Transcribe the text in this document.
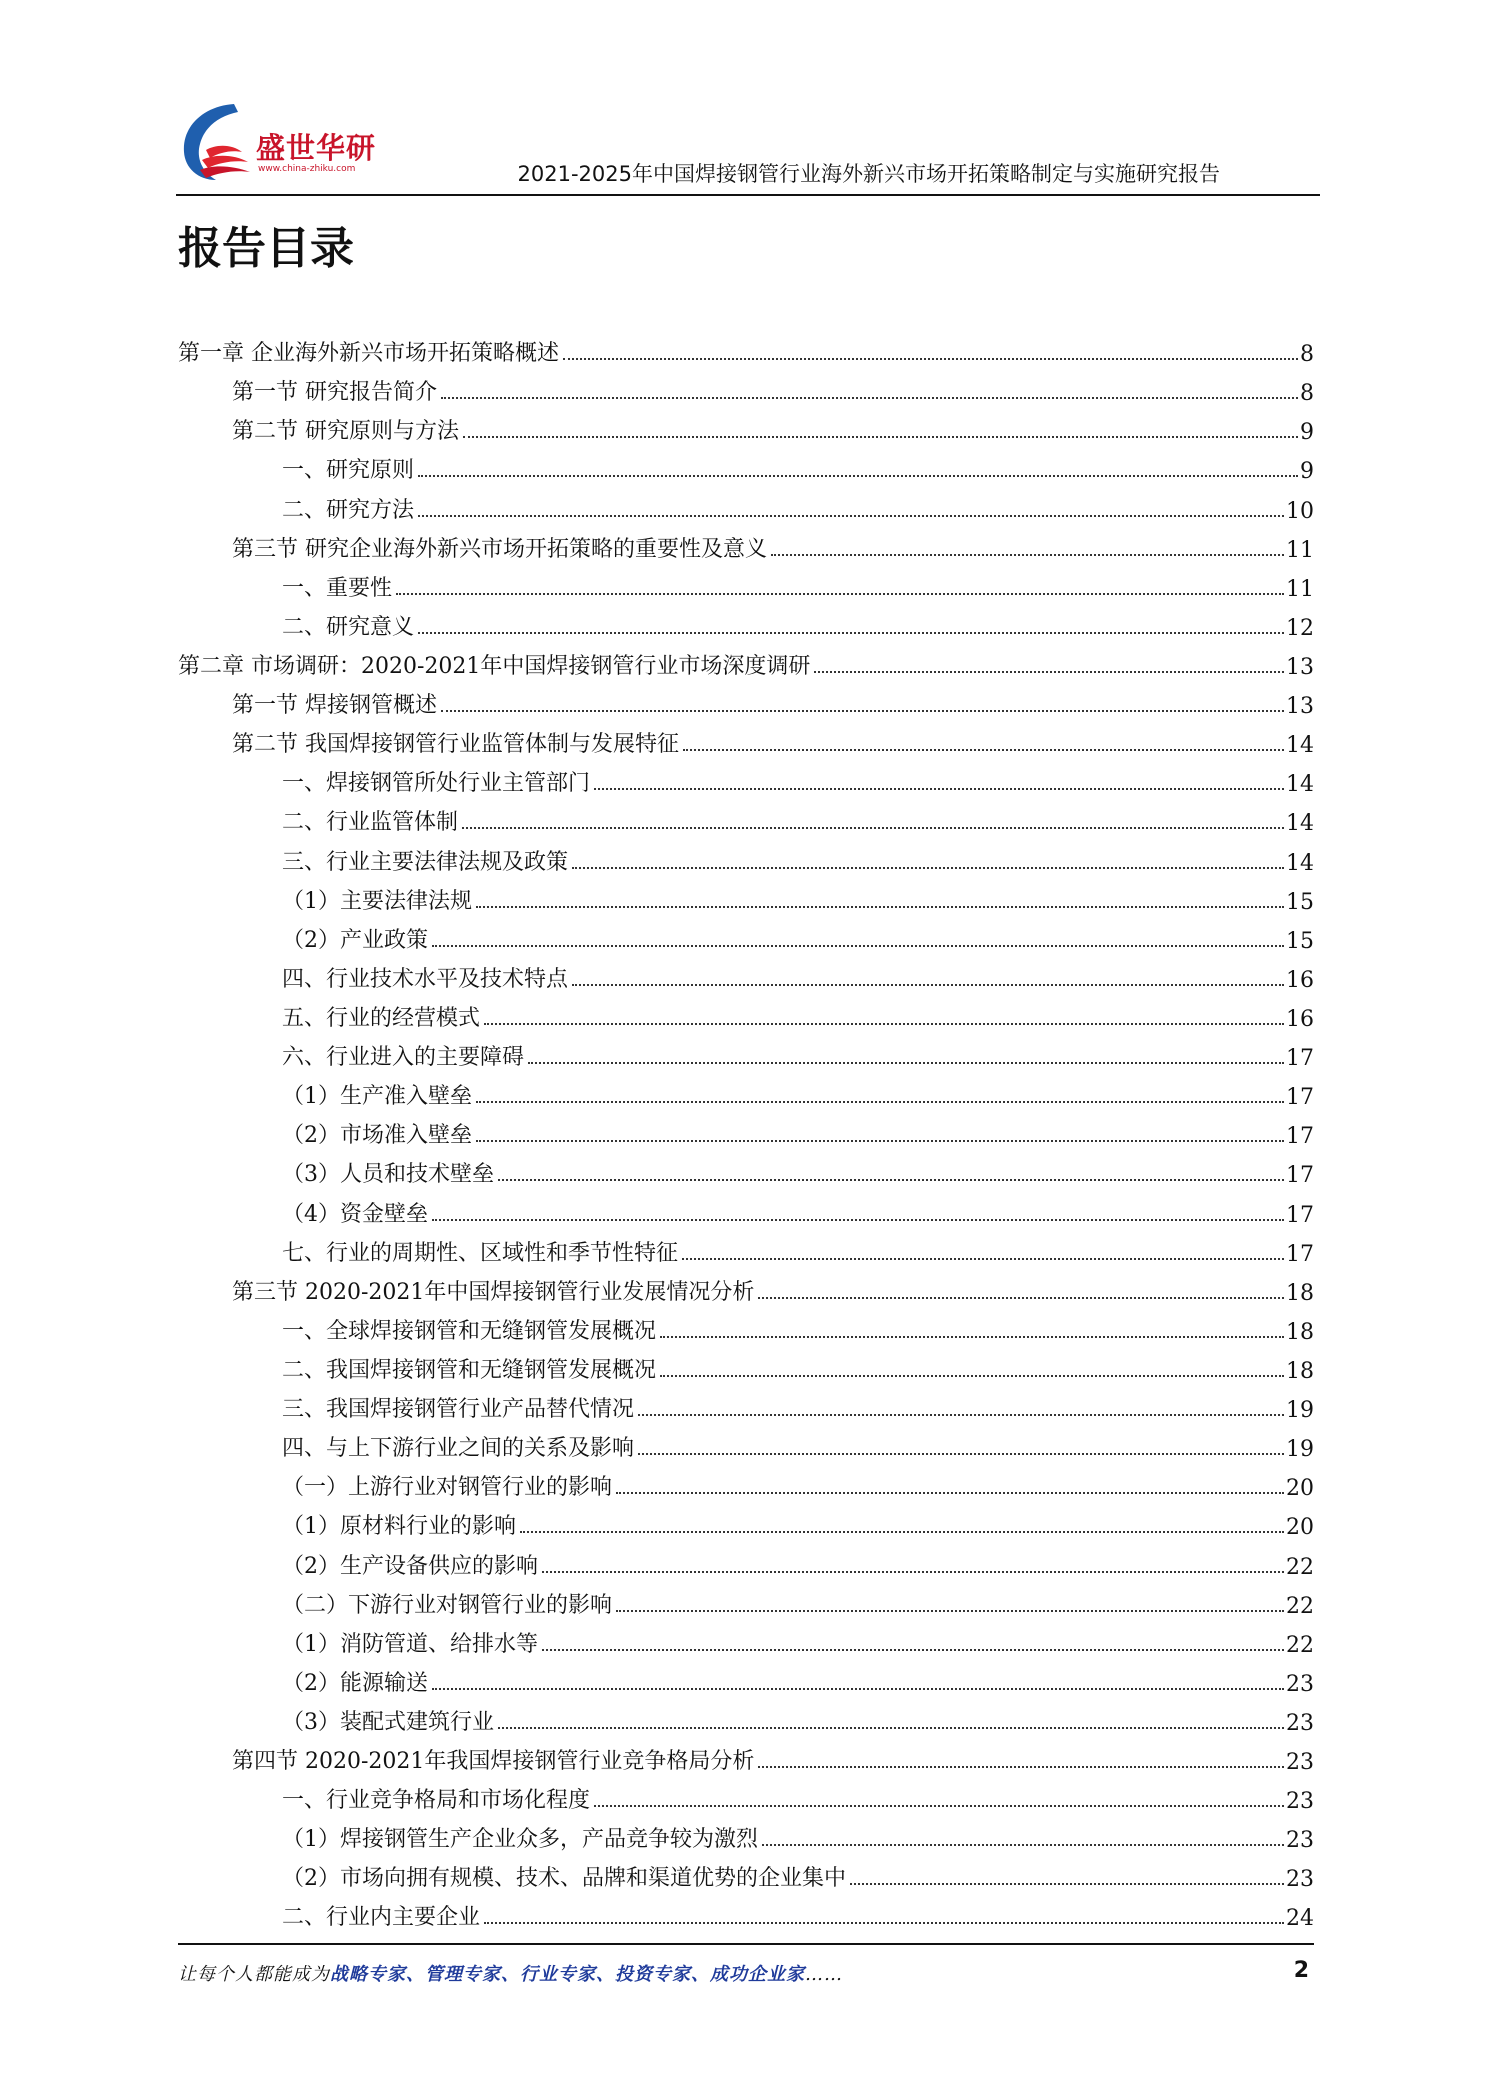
盛世华研
www.china-zhiku.com	2021-2025年中国焊接钢管行业海外新兴市场开拓策略制定与实施研究报告
报告目录
第一章 企业海外新兴市场开拓策略概述	8
第一节 研究报告简介	8
第二节 研究原则与方法	9
一、研究原则	9
二、研究方法	10
第三节 研究企业海外新兴市场开拓策略的重要性及意义	11
一、重要性	11
二、研究意义	12
第二章 市场调研：2020-2021年中国焊接钢管行业市场深度调研	13
第一节 焊接钢管概述	13
第二节 我国焊接钢管行业监管体制与发展特征	14
一、焊接钢管所处行业主管部门	14
二、行业监管体制	14
三、行业主要法律法规及政策	14
（1）主要法律法规	15
（2）产业政策	15
四、行业技术水平及技术特点	16
五、行业的经营模式	16
六、行业进入的主要障碍	17
（1）生产准入壁垒	17
（2）市场准入壁垒	17
（3）人员和技术壁垒	17
（4）资金壁垒	17
七、行业的周期性、区域性和季节性特征	17
第三节 2020-2021年中国焊接钢管行业发展情况分析	18
一、全球焊接钢管和无缝钢管发展概况	18
二、我国焊接钢管和无缝钢管发展概况	18
三、我国焊接钢管行业产品替代情况	19
四、与上下游行业之间的关系及影响	19
（一）上游行业对钢管行业的影响	20
（1）原材料行业的影响	20
（2）生产设备供应的影响	22
（二）下游行业对钢管行业的影响	22
（1）消防管道、给排水等	22
（2）能源输送	23
（3）装配式建筑行业	23
第四节 2020-2021年我国焊接钢管行业竞争格局分析	23
一、行业竞争格局和市场化程度	23
（1）焊接钢管生产企业众多，产品竞争较为激烈	23
（2）市场向拥有规模、技术、品牌和渠道优势的企业集中	23
二、行业内主要企业	24
让每个人都能成为战略专家、管理专家、行业专家、投资专家、成功企业家……	2
